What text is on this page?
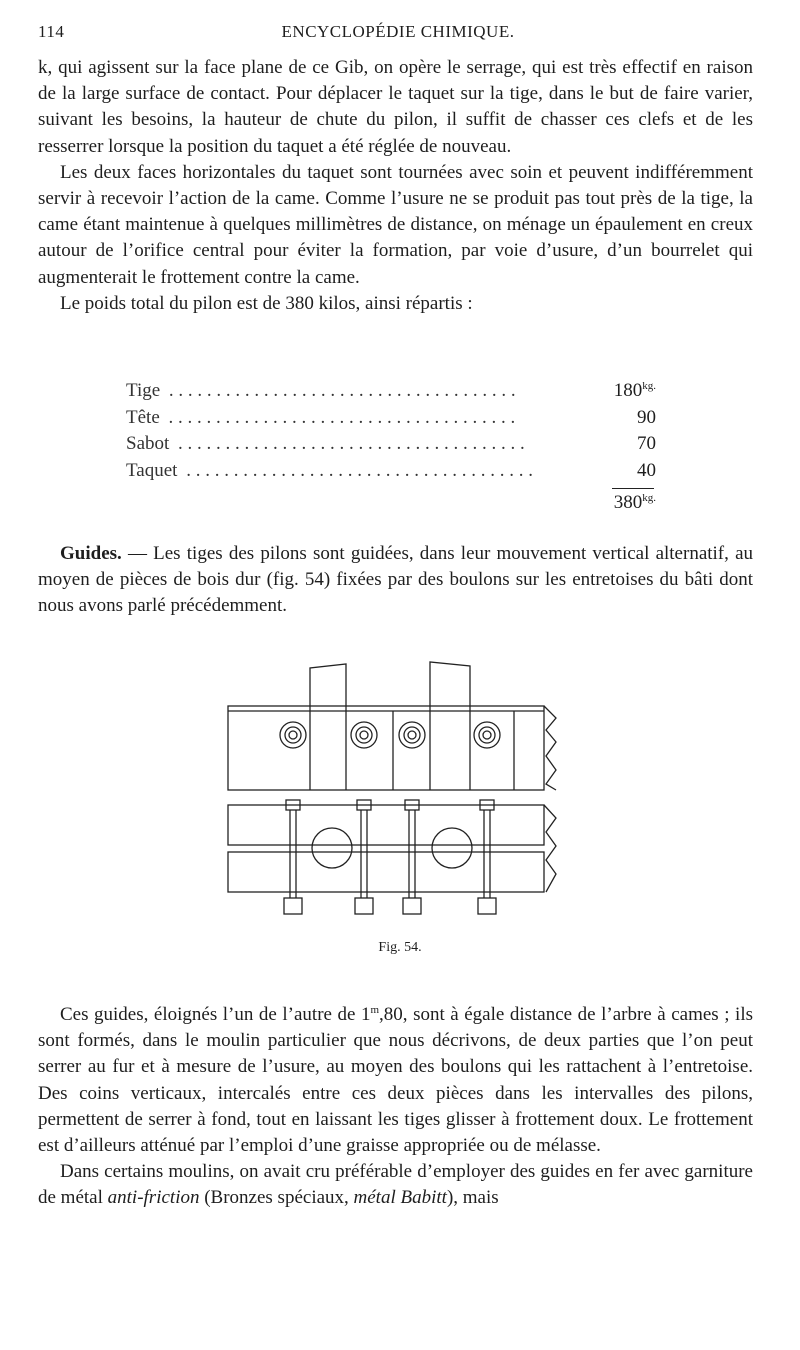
114	ENCYCLOPÉDIE CHIMIQUE.

k, qui agissent sur la face plane de ce Gib, on opère le serrage, qui est très effectif en raison de la large surface de contact. Pour déplacer le taquet sur la tige, dans le but de faire varier, suivant les besoins, la hauteur de chute du pilon, il suffit de chasser ces clefs et de les resserrer lorsque la position du taquet a été réglée de nouveau.

Les deux faces horizontales du taquet sont tournées avec soin et peuvent indifféremment servir à recevoir l’action de la came. Comme l’usure ne se produit pas tout près de la tige, la came étant maintenue à quelques millimètres de distance, on ménage un épaulement en creux autour de l’orifice central pour éviter la formation, par voie d’usure, d’un bourrelet qui augmenterait le frottement contre la came.

Le poids total du pilon est de 380 kilos, ainsi répartis :

Tige . . . . . . . . . . . . . . . . . . . . . . . . . . . . . . . . . . . . .	$180^{kg.}$
Tête . . . . . . . . . . . . . . . . . . . . . . . . . . . . . . . . . . . . .	90
Sabot . . . . . . . . . . . . . . . . . . . . . . . . . . . . . . . . . . . . .	70
Taquet . . . . . . . . . . . . . . . . . . . . . . . . . . . . . . . . . . . . .	40
$380^{kg.}$

Guides. — Les tiges des pilons sont guidées, dans leur mouvement vertical alternatif, au moyen de pièces de bois dur (fig. 54) fixées par des boulons sur les entretoises du bâti dont nous avons parlé précédemment.

Fig. 54.

Ces guides, éloignés l’un de l’autre de 1$^m$,80, sont à égale distance de l’arbre à cames ; ils sont formés, dans le moulin particulier que nous décrivons, de deux parties que l’on peut serrer au fur et à mesure de l’usure, au moyen des boulons qui les rattachent à l’entretoise. Des coins verticaux, intercalés entre ces deux pièces dans les intervalles des pilons, permettent de serrer à fond, tout en laissant les tiges glisser à frottement doux. Le frottement est d’ailleurs atténué par l’emploi d’une graisse appropriée ou de mélasse.

Dans certains moulins, on avait cru préférable d’employer des guides en fer avec garniture de métal anti-friction (Bronzes spéciaux, métal Babitt), mais
